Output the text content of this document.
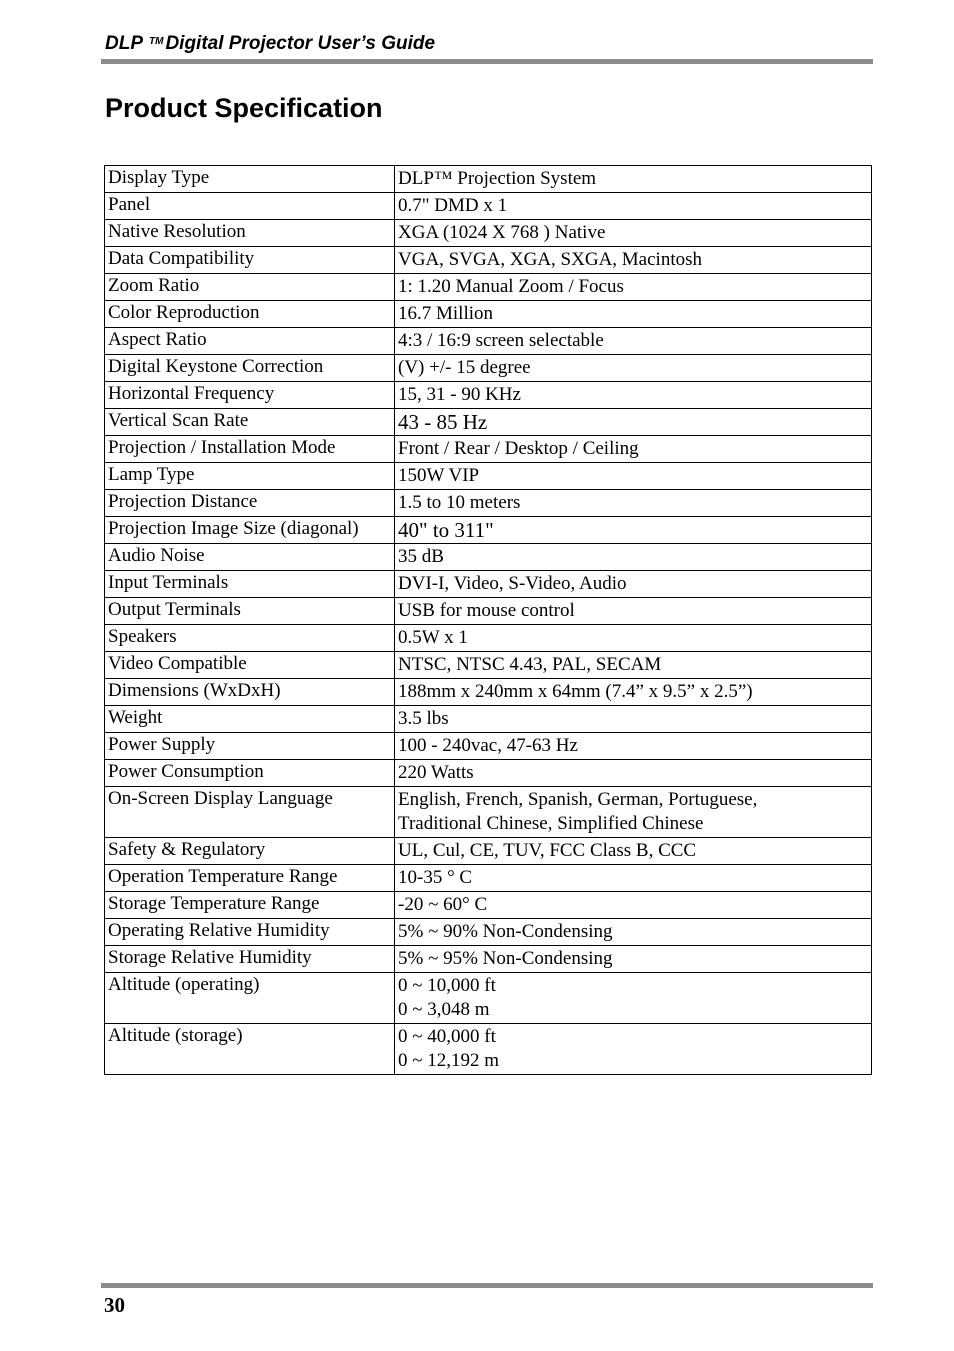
DLP ™ Digital Projector User’s Guide
Product Specification
Display Type	DLP™ Projection System

Panel	0.7" DMD x 1

Native Resolution	XGA (1024 X 768 ) Native

Data Compatibility	VGA, SVGA, XGA, SXGA, Macintosh

Zoom Ratio	1: 1.20 Manual Zoom / Focus

Color Reproduction	16.7 Million

Aspect Ratio	4:3 / 16:9 screen selectable

Digital Keystone Correction	(V) +/- 15 degree

Horizontal Frequency	15, 31 - 90 KHz

Vertical Scan Rate	43 - 85 Hz

Projection / Installation Mode	Front / Rear / Desktop / Ceiling

Lamp Type	150W VIP

Projection Distance	1.5 to 10 meters

Projection Image Size (diagonal)	40" to 311"

Audio Noise	35 dB

Input Terminals	DVI-I, Video, S-Video, Audio

Output Terminals	USB for mouse control

Speakers	0.5W x 1

Video Compatible	NTSC, NTSC 4.43, PAL, SECAM

Dimensions (WxDxH)	188mm x 240mm x 64mm (7.4” x 9.5” x 2.5”)

Weight	3.5 lbs

Power Supply	100 - 240vac, 47-63 Hz

Power Consumption	220 Watts

On-Screen Display Language	English, French, Spanish, German, Portuguese,
Traditional Chinese, Simplified Chinese

Safety & Regulatory	UL, Cul, CE, TUV, FCC Class B, CCC

Operation Temperature Range	10-35 ° C

Storage Temperature Range	-20 ~ 60° C

Operating Relative Humidity	5% ~ 90% Non-Condensing

Storage Relative Humidity	5% ~ 95% Non-Condensing

Altitude (operating)	0 ~ 10,000 ft
0 ~ 3,048 m

Altitude (storage)	0 ~ 40,000 ft
0 ~ 12,192 m
30
